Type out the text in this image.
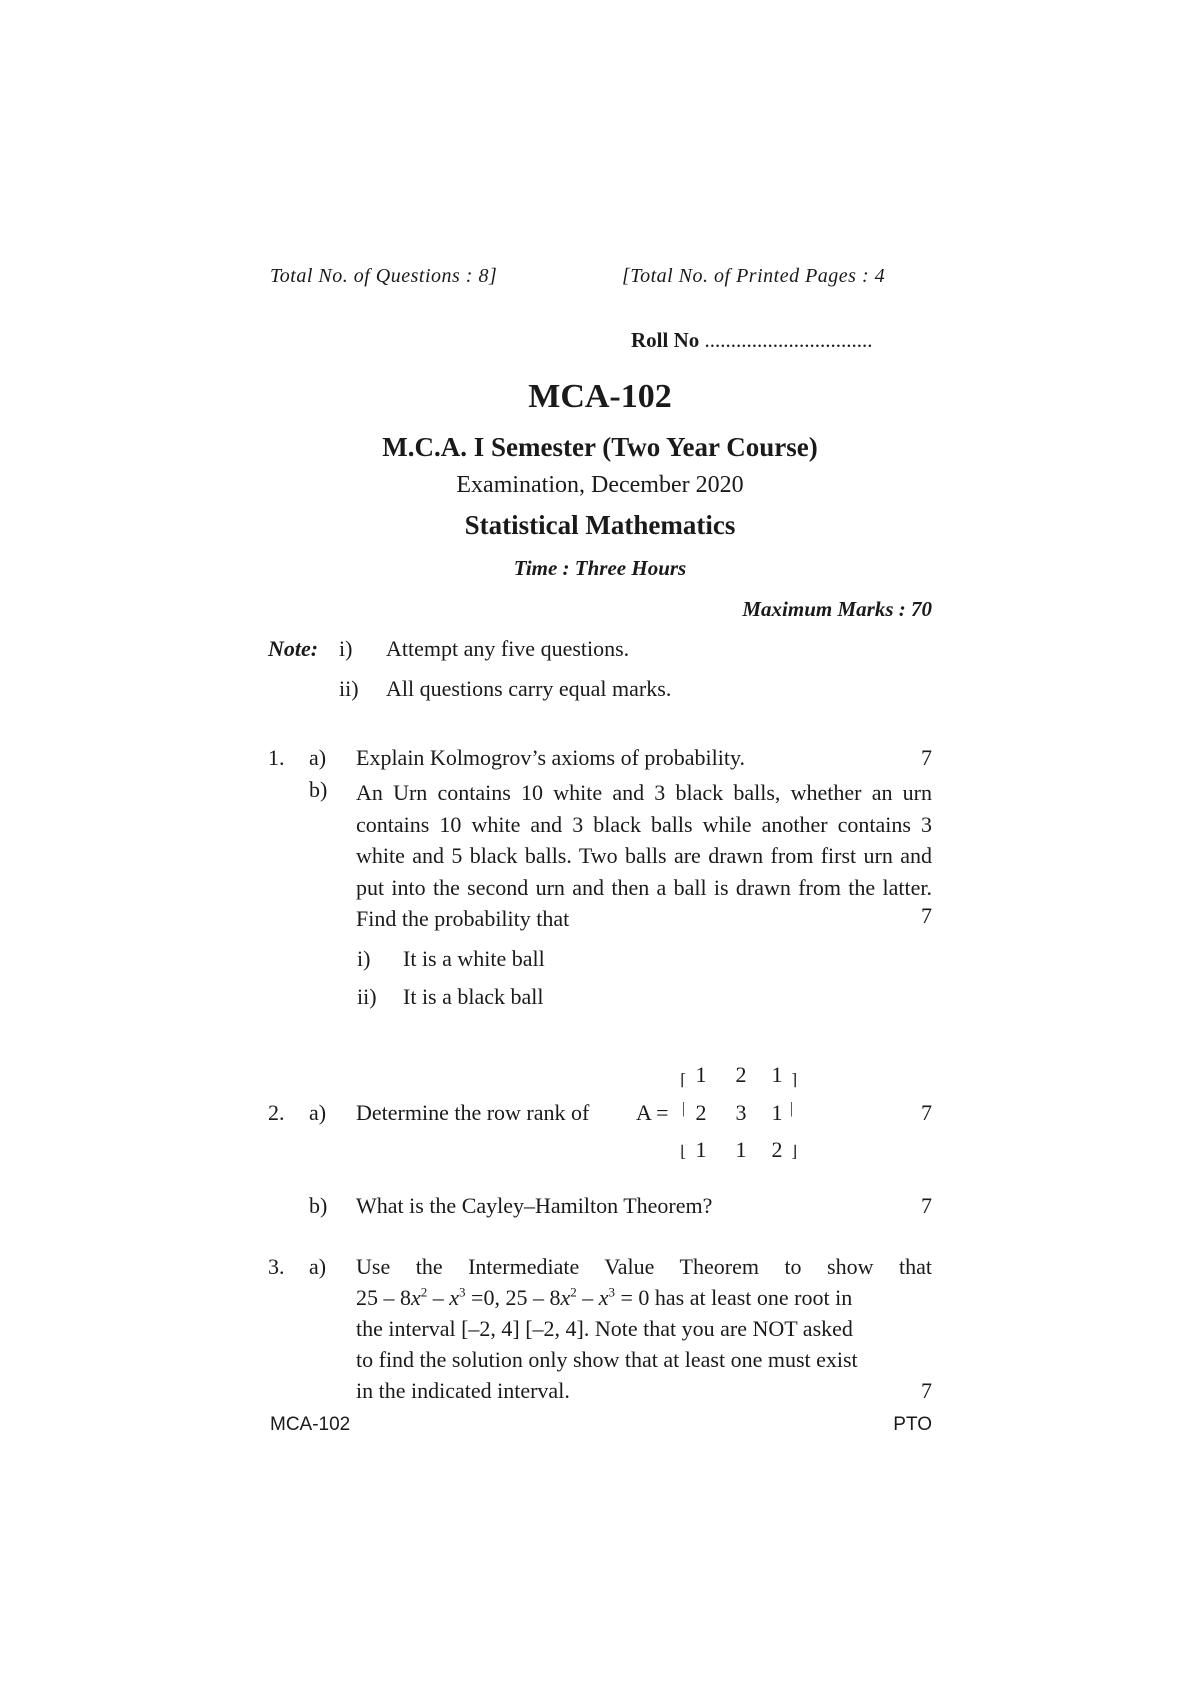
Total No. of Questions : 8]	[Total No. of Printed Pages : 4
Roll No ................................
MCA-102
M.C.A. I Semester (Two Year Course)
Examination, December 2020
Statistical Mathematics
Time : Three Hours
Maximum Marks : 70
Note: i) Attempt any five questions.
ii) All questions carry equal marks.
1. a) Explain Kolmogrov’s axioms of probability.	7
b) An Urn contains 10 white and 3 black balls, whether an urn contains 10 white and 3 black balls while another contains 3 white and 5 black balls. Two balls are drawn from first urn and put into the second urn and then a ball is drawn from the latter. Find the probability that	7
i) It is a white ball
ii) It is a black ball
2. a) Determine the row rank of A =
⌈
|
⌊
⌉
|
⌋
1	2	1
2	3	1
1	1	2
7
b) What is the Cayley–Hamilton Theorem?	7
3. a) Use the Intermediate Value Theorem to show that
$25 - 8x^2 - x^3 =0$, $25 - 8x^2 - x^3 = 0$ has at least one root in
the interval [–2, 4] [–2, 4]. Note that you are NOT asked
to find the solution only show that at least one must exist
in the indicated interval.	7
MCA-102	PTO
